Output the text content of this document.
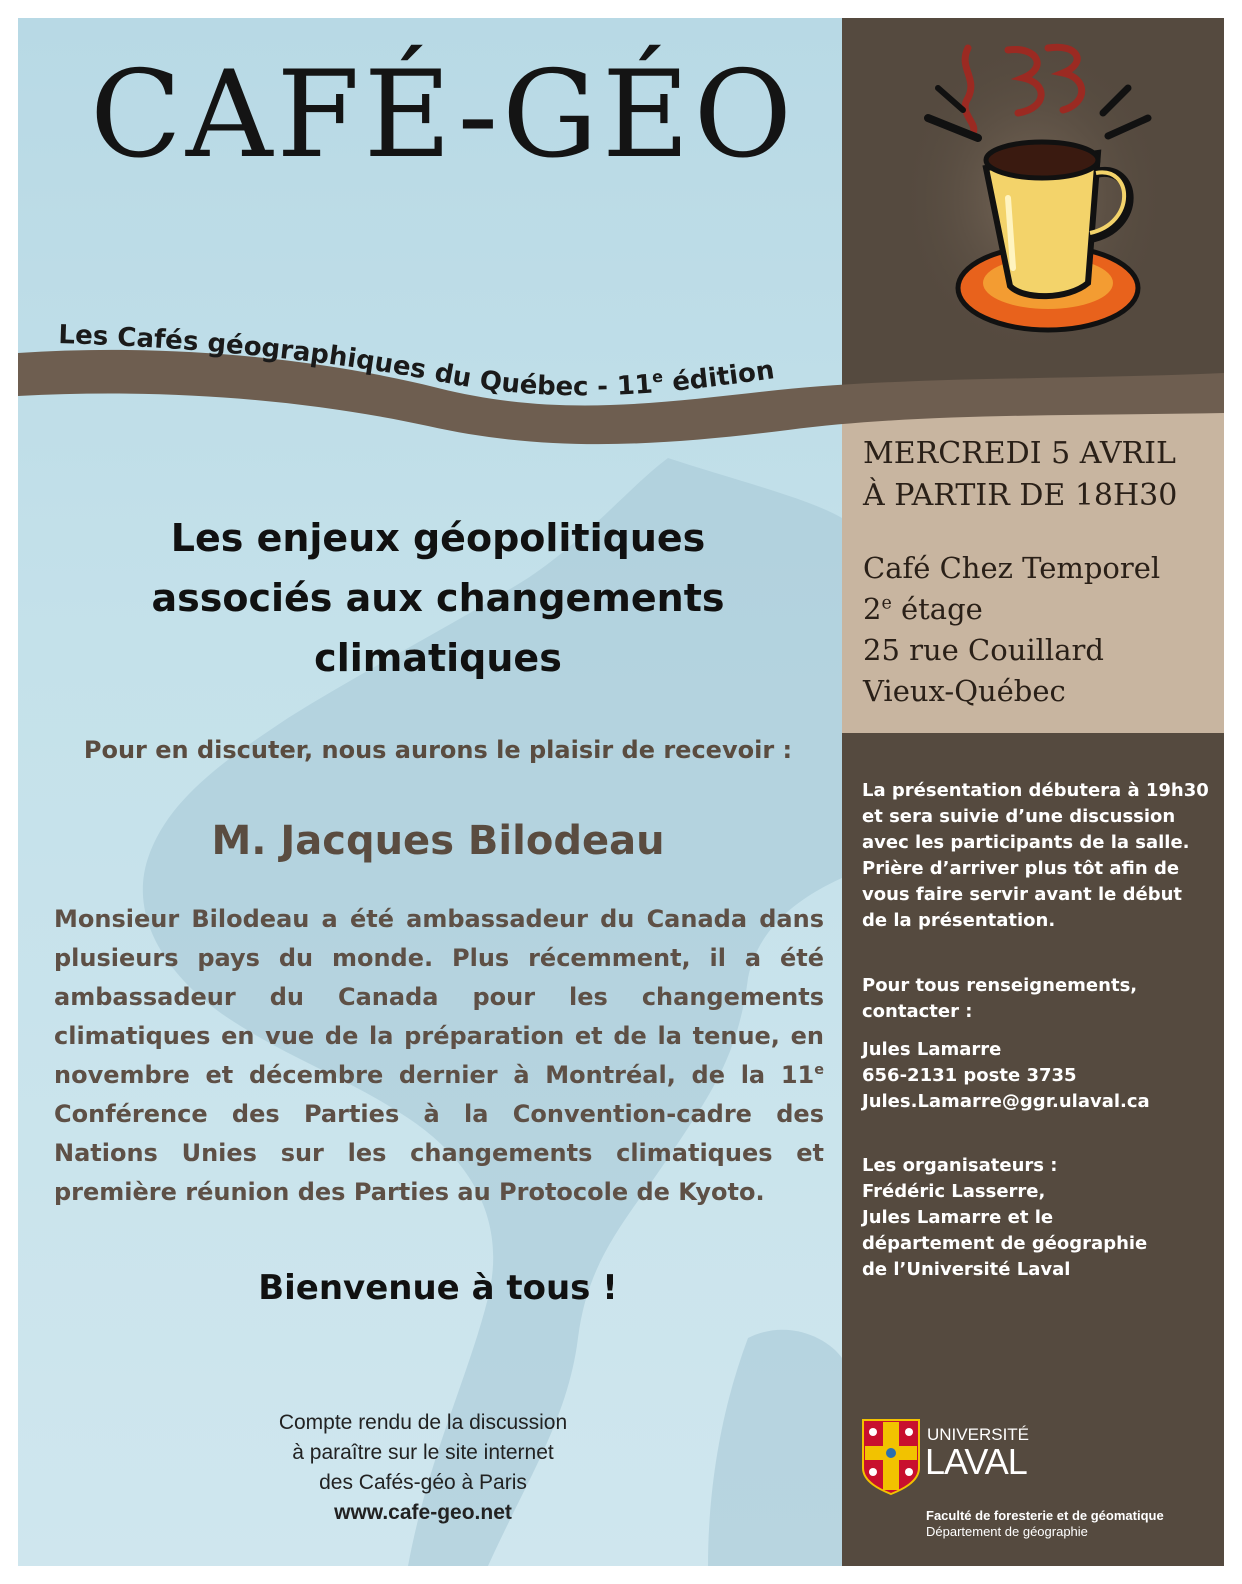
CAFÉ-GÉO
Les Cafés géographiques du Québec - 11e édition
MERCREDI 5 AVRIL
À PARTIR DE 18H30
Café Chez Temporel
2e étage
25 rue Couillard
Vieux-Québec
Les enjeux géopolitiques
associés aux changements
climatiques
Pour en discuter, nous aurons le plaisir de recevoir :
M. Jacques Bilodeau
Monsieur Bilodeau a été ambassadeur du Canada dans plusieurs pays du monde. Plus récemment, il a été ambassadeur du Canada pour les changements climatiques en vue de la préparation et de la tenue, en novembre et décembre dernier à Montréal, de la 11e Conférence des Parties à la Convention-cadre des Nations Unies sur les changements climatiques et première réunion des Parties au Protocole de Kyoto.
Bienvenue à tous !
Compte rendu de la discussion
à paraître sur le site internet
des Cafés-géo à Paris
www.cafe-geo.net
La présentation débutera à 19h30 et sera suivie d’une discussion avec les participants de la salle. Prière d’arriver plus tôt afin de vous faire servir avant le début de la présentation.
Pour tous renseignements,
contacter :
Jules Lamarre
656-2131 poste 3735
Jules.Lamarre@ggr.ulaval.ca
Les organisateurs :
Frédéric Lasserre,
Jules Lamarre et le
département de géographie
de l’Université Laval
UNIVERSITÉ
LAVAL
Faculté de foresterie et de géomatique
Département de géographie
